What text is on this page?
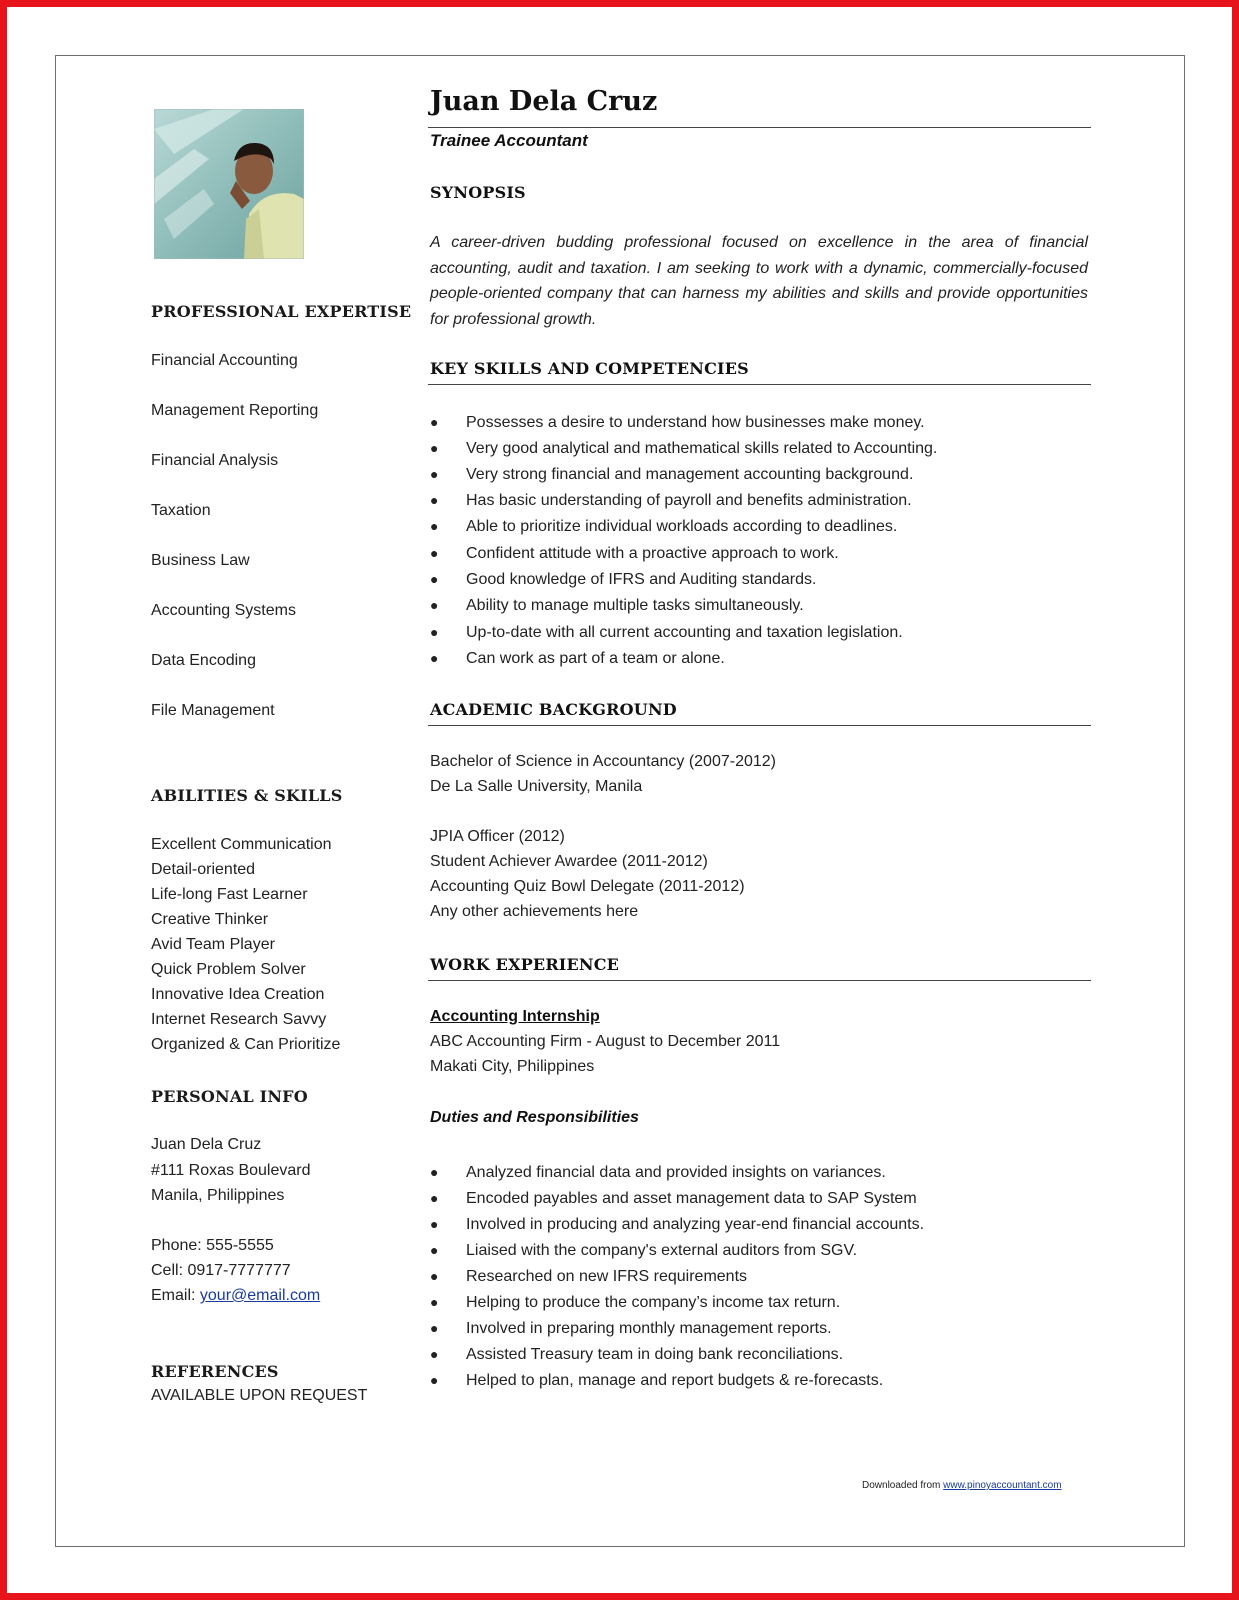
PROFESSIONAL EXPERTISE
Financial Accounting
Management Reporting
Financial Analysis
Taxation
Business Law
Accounting Systems
Data Encoding
File Management
ABILITIES & SKILLS
Excellent Communication
Detail-oriented
Life-long Fast Learner
Creative Thinker
Avid Team Player
Quick Problem Solver
Innovative Idea Creation
Internet Research Savvy
Organized & Can Prioritize
PERSONAL INFO
Juan Dela Cruz
#111 Roxas Boulevard
Manila, Philippines
Phone: 555-5555
Cell: 0917-7777777
Email: your@email.com
REFERENCES
AVAILABLE UPON REQUEST
Juan Dela Cruz
Trainee Accountant
SYNOPSIS
A career-driven budding professional focused on excellence in the area of financial accounting, audit and taxation. I am seeking to work with a dynamic, commercially-focused people-oriented company that can harness my abilities and skills and provide opportunities for professional growth.
KEY SKILLS AND COMPETENCIES
● Possesses a desire to understand how businesses make money.
● Very good analytical and mathematical skills related to Accounting.
● Very strong financial and management accounting background.
● Has basic understanding of payroll and benefits administration.
● Able to prioritize individual workloads according to deadlines.
● Confident attitude with a proactive approach to work.
● Good knowledge of IFRS and Auditing standards.
● Ability to manage multiple tasks simultaneously.
● Up-to-date with all current accounting and taxation legislation.
● Can work as part of a team or alone.
ACADEMIC BACKGROUND
Bachelor of Science in Accountancy (2007-2012)
De La Salle University, Manila
JPIA Officer (2012)
Student Achiever Awardee (2011-2012)
Accounting Quiz Bowl Delegate (2011-2012)
Any other achievements here
WORK EXPERIENCE
Accounting Internship
ABC Accounting Firm - August to December 2011
Makati City, Philippines
Duties and Responsibilities
● Analyzed financial data and provided insights on variances.
● Encoded payables and asset management data to SAP System
● Involved in producing and analyzing year-end financial accounts.
● Liaised with the company's external auditors from SGV.
● Researched on new IFRS requirements
● Helping to produce the company’s income tax return.
● Involved in preparing monthly management reports.
● Assisted Treasury team in doing bank reconciliations.
● Helped to plan, manage and report budgets & re-forecasts.
Downloaded from www.pinoyaccountant.com
